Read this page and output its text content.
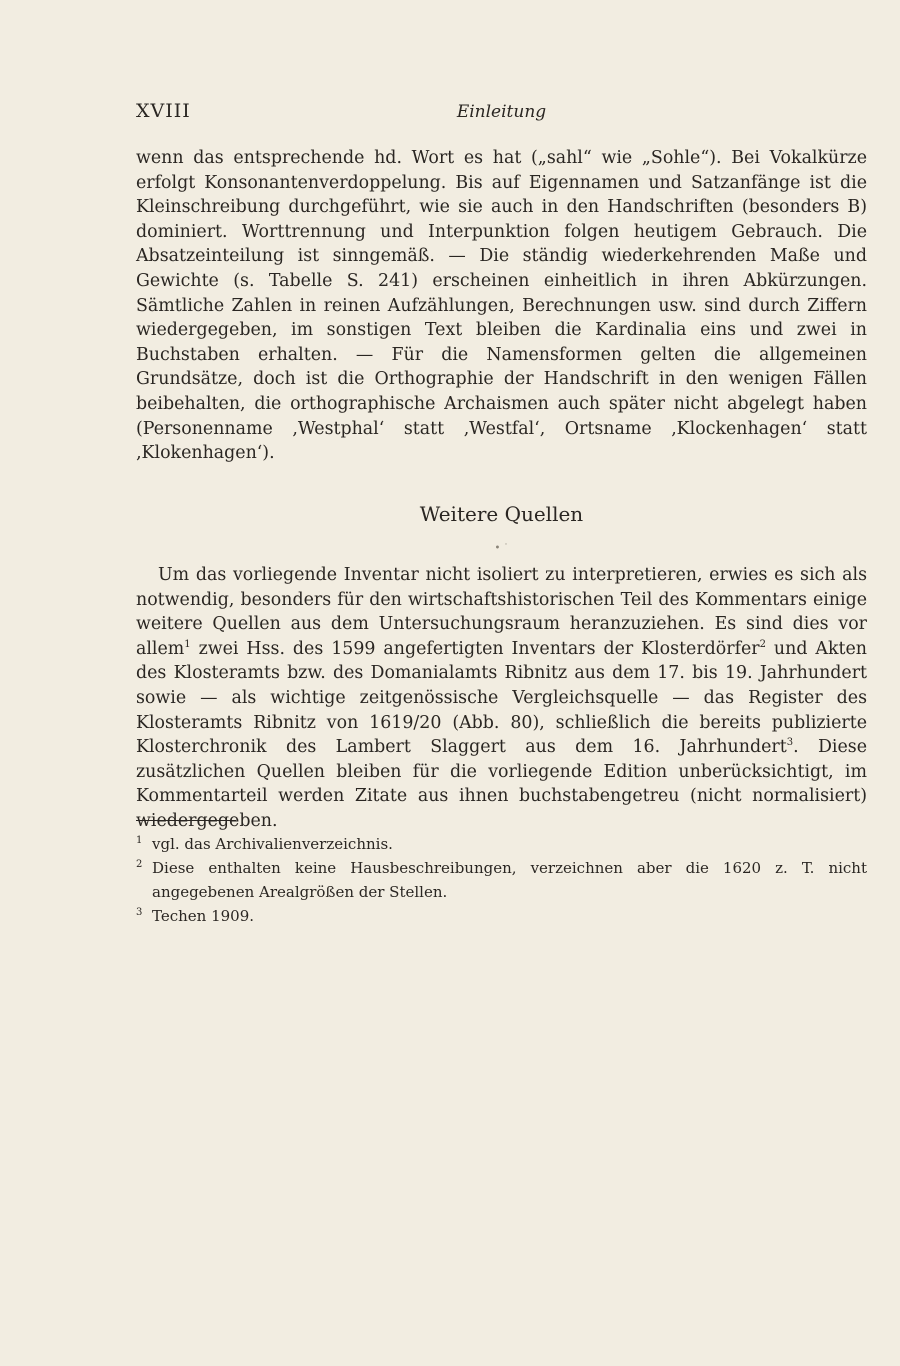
XVIII	Einleitung

wenn das entsprechende hd. Wort es hat („sahl“ wie „Sohle“). Bei Vokalkürze erfolgt Konsonantenverdoppelung. Bis auf Eigennamen und Satzanfänge ist die Kleinschreibung durchgeführt, wie sie auch in den Handschriften (besonders B) dominiert. Worttrennung und Interpunktion folgen heutigem Gebrauch. Die Absatzeinteilung ist sinngemäß. — Die ständig wiederkehrenden Maße und Gewichte (s. Tabelle S. 241) erscheinen einheitlich in ihren Abkürzungen. Sämtliche Zahlen in reinen Aufzählungen, Berechnungen usw. sind durch Ziffern wiedergegeben, im sonstigen Text bleiben die Kardinalia eins und zwei in Buchstaben erhalten. — Für die Namensformen gelten die allgemeinen Grundsätze, doch ist die Orthographie der Handschrift in den wenigen Fällen beibehalten, die orthographische Archaismen auch später nicht abgelegt haben (Personenname ‚Westphal‘ statt ‚Westfal‘, Ortsname ‚Klockenhagen‘ statt ‚Klokenhagen‘).

Weitere Quellen
• ˙

Um das vorliegende Inventar nicht isoliert zu interpretieren, erwies es sich als notwendig, besonders für den wirtschaftshistorischen Teil des Kommentars einige weitere Quellen aus dem Untersuchungsraum heranzuziehen. Es sind dies vor allem$^1$ zwei Hss. des 1599 angefertigten Inventars der Klosterdörfer$^2$ und Akten des Klosteramts bzw. des Domanialamts Ribnitz aus dem 17. bis 19. Jahrhundert sowie — als wichtige zeitgenössische Vergleichsquelle — das Register des Klosteramts Ribnitz von 1619/20 (Abb. 80), schließlich die bereits publizierte Klosterchronik des Lambert Slaggert aus dem 16. Jahrhundert$^3$. Diese zusätzlichen Quellen bleiben für die vorliegende Edition unberücksichtigt, im Kommentarteil werden Zitate aus ihnen buchstabengetreu (nicht normalisiert) wiedergegeben.

1 vgl. das Archivalienverzeichnis.
2 Diese enthalten keine Hausbeschreibungen, verzeichnen aber die 1620 z. T. nicht angegebenen Arealgrößen der Stellen.
3 Techen 1909.
